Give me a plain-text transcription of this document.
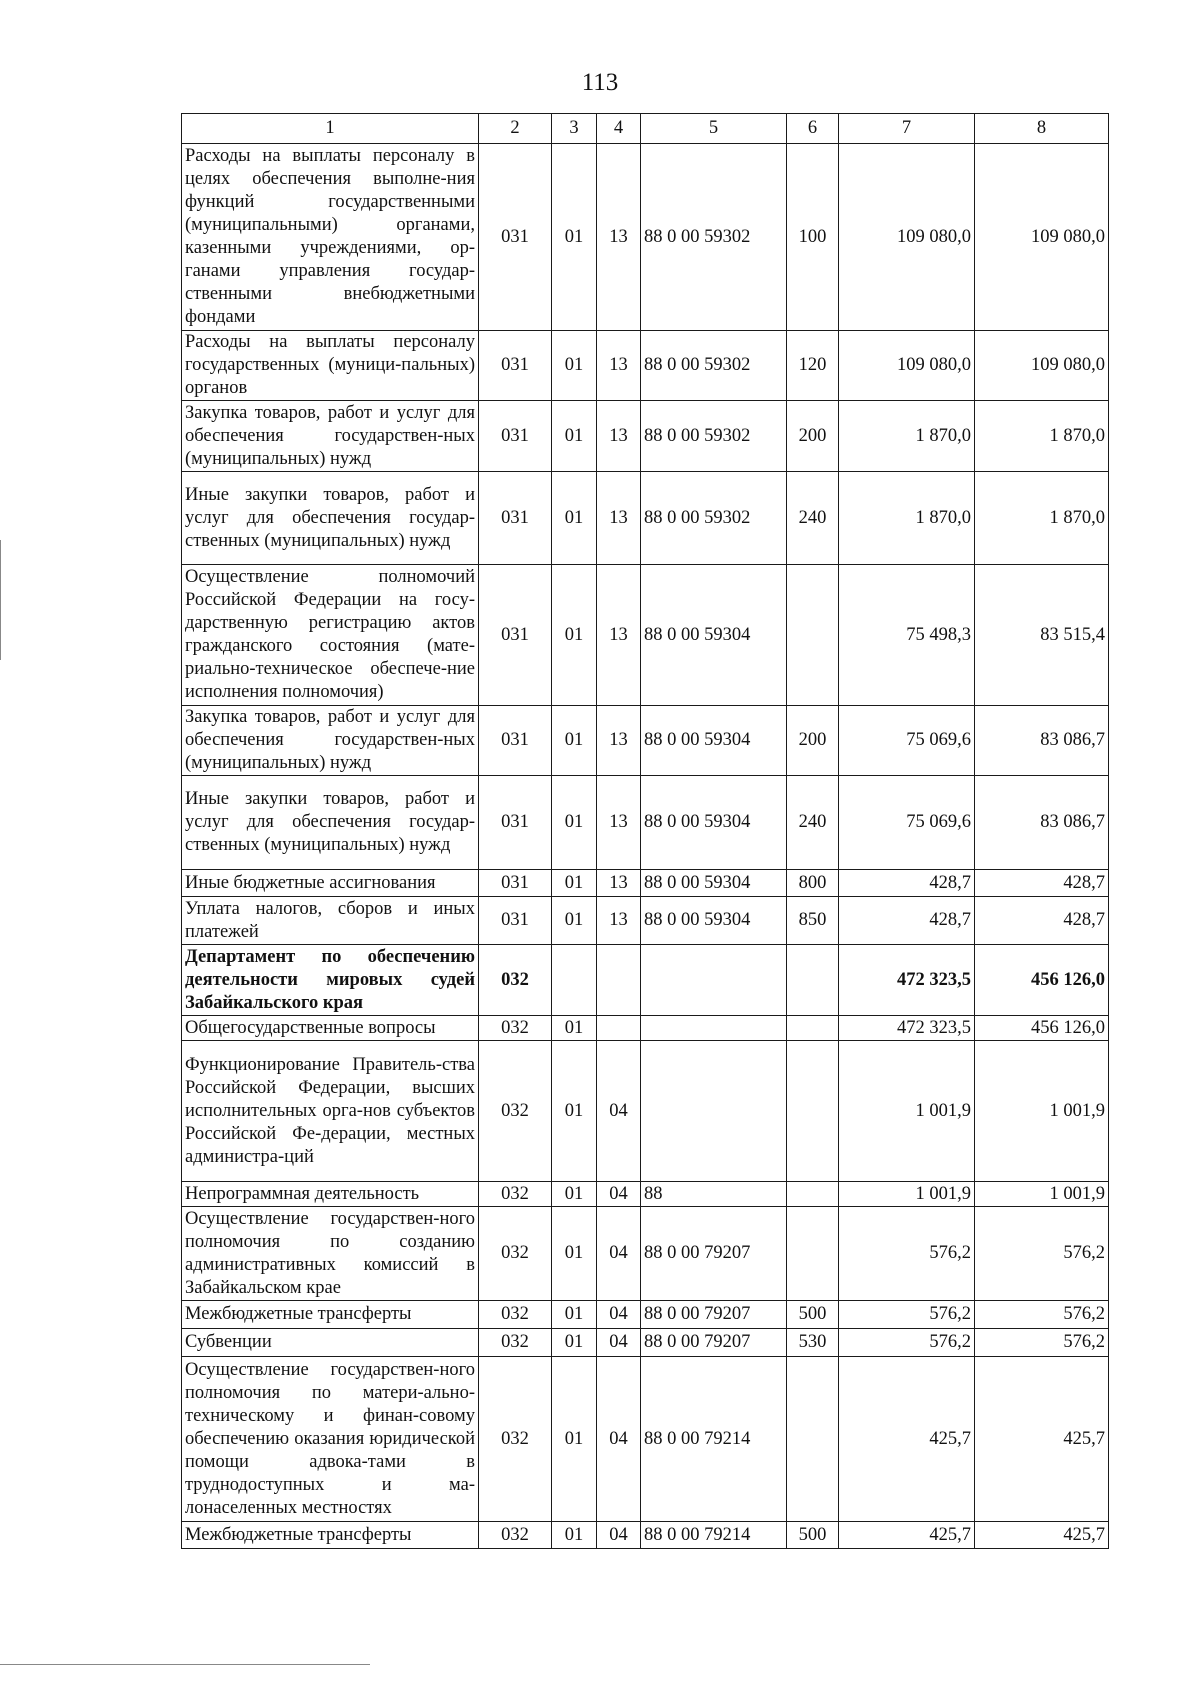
113
1	2	3	4	5	6	7	8
Расходы на выплаты персоналу в целях обеспечения выполне-ния функций государственными (муниципальными) органами, казенными учреждениями, ор-ганами управления государ-ственными внебюджетными фондами	031	01	13	88 0 00 59302	100	109 080,0	109 080,0
Расходы на выплаты персоналу государственных (муници-пальных) органов	031	01	13	88 0 00 59302	120	109 080,0	109 080,0
Закупка товаров, работ и услуг для обеспечения государствен-ных (муниципальных) нужд	031	01	13	88 0 00 59302	200	1 870,0	1 870,0
Иные закупки товаров, работ и услуг для обеспечения государ-ственных (муниципальных) нужд	031	01	13	88 0 00 59302	240	1 870,0	1 870,0
Осуществление полномочий Российской Федерации на госу-дарственную регистрацию актов гражданского состояния (мате-риально-техническое обеспече-ние исполнения полномочия)	031	01	13	88 0 00 59304		75 498,3	83 515,4
Закупка товаров, работ и услуг для обеспечения государствен-ных (муниципальных) нужд	031	01	13	88 0 00 59304	200	75 069,6	83 086,7
Иные закупки товаров, работ и услуг для обеспечения государ-ственных (муниципальных) нужд	031	01	13	88 0 00 59304	240	75 069,6	83 086,7
Иные бюджетные ассигнования	031	01	13	88 0 00 59304	800	428,7	428,7
Уплата налогов, сборов и иных платежей	031	01	13	88 0 00 59304	850	428,7	428,7
Департамент по обеспечению деятельности мировых судей Забайкальского края	032					472 323,5	456 126,0
Общегосударственные вопросы	032	01				472 323,5	456 126,0
Функционирование Правитель-ства Российской Федерации, высших исполнительных орга-нов субъектов Российской Фе-дерации, местных администра-ций	032	01	04			1 001,9	1 001,9
Непрограммная деятельность	032	01	04	88		1 001,9	1 001,9
Осуществление государствен-ного полномочия по созданию административных комиссий в Забайкальском крае	032	01	04	88 0 00 79207		576,2	576,2
Межбюджетные трансферты	032	01	04	88 0 00 79207	500	576,2	576,2
Субвенции	032	01	04	88 0 00 79207	530	576,2	576,2
Осуществление государствен-ного полномочия по матери-ально-техническому и финан-совому обеспечению оказания юридической помощи адвока-тами в труднодоступных и ма-лонаселенных местностях	032	01	04	88 0 00 79214		425,7	425,7
Межбюджетные трансферты	032	01	04	88 0 00 79214	500	425,7	425,7
